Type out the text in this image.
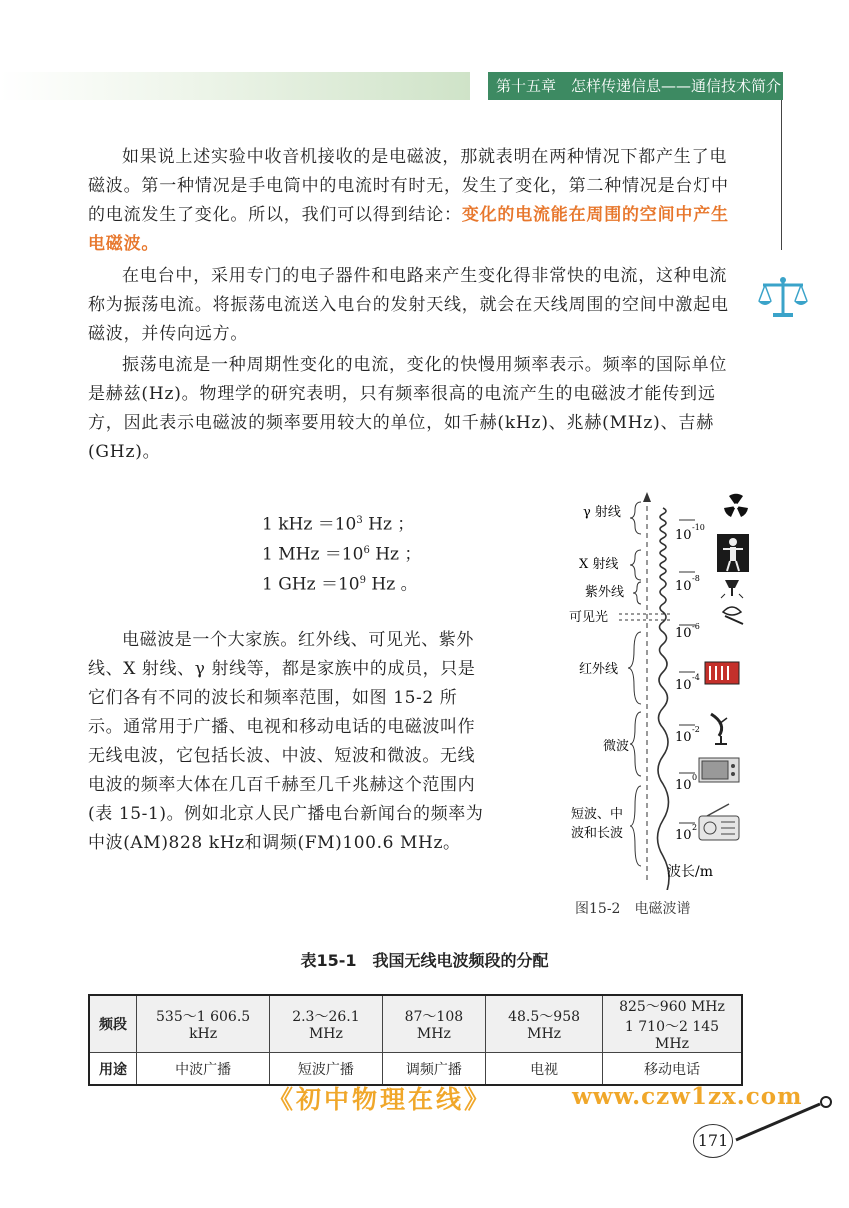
第十五章　怎样传递信息——通信技术简介

如果说上述实验中收音机接收的是电磁波，那就表明在两种情况下都产生了电磁波。第一种情况是手电筒中的电流时有时无，发生了变化，第二种情况是台灯中的电流发生了变化。所以，我们可以得到结论：变化的电流能在周围的空间中产生电磁波。

在电台中，采用专门的电子器件和电路来产生变化得非常快的电流，这种电流称为振荡电流。将振荡电流送入电台的发射天线，就会在天线周围的空间中激起电磁波，并传向远方。

振荡电流是一种周期性变化的电流，变化的快慢用频率表示。频率的国际单位是赫兹(Hz)。物理学的研究表明，只有频率很高的电流产生的电磁波才能传到远方，因此表示电磁波的频率要用较大的单位，如千赫(kHz)、兆赫(MHz)、吉赫(GHz)。

1 kHz $=10^3$ Hz ；

1 MHz $=10^6$ Hz ；

1 GHz $=10^9$ Hz 。

电磁波是一个大家族。红外线、可见光、紫外线、X 射线、γ 射线等，都是家族中的成员，只是它们各有不同的波长和频率范围，如图 15-2 所示。通常用于广播、电视和移动电话的电磁波叫作无线电波，它包括长波、中波、短波和微波。无线电波的频率大体在几百千赫至几千兆赫这个范围内(表 15-1)。例如北京人民广播电台新闻台的频率为中波(AM)828 kHz和调频(FM)100.6 MHz。

γ 射线
X 射线
紫外线
可见光
红外线
微波
短波、中
波和长波
10
-10
10
-8
10 -6
10
-4
10
-2
10
0
10
2
波长/m
图15-2　电磁波谱
表15-1　我国无线电波频段的分配
频段	535～1 606.5 kHz	2.3～26.1 MHz	87～108 MHz	48.5～958 MHz	825～960 MHz
1 710～2 145 MHz

用途	中波广播	短波广播	调频广播	电视	移动电话
《初中物理在线》	www.czw1zx.com
171
